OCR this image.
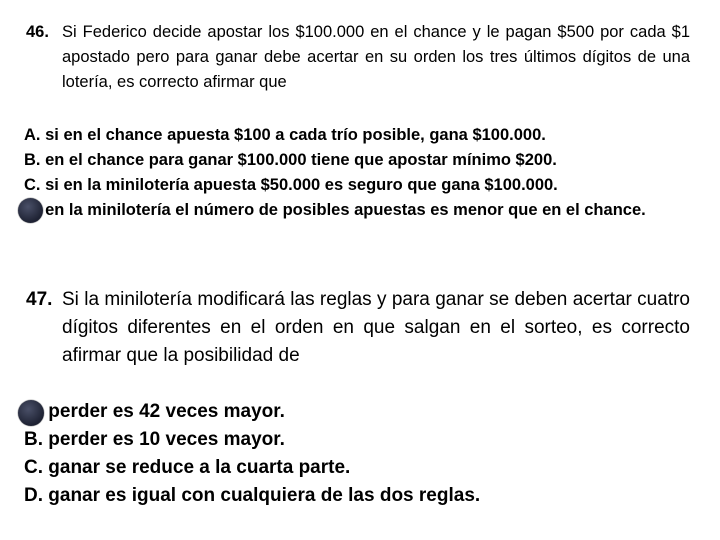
46. Si Federico decide apostar los $100.000 en el chance y le pagan $500 por cada $1 apostado pero para ganar debe acertar en su orden los tres últimos dígitos de una lotería, es correcto afirmar que
A. si en el chance apuesta $100 a cada trío posible, gana $100.000.
B. en el chance para ganar $100.000 tiene que apostar mínimo $200.
C. si en la minilotería apuesta $50.000 es seguro que gana $100.000.
en la minilotería el número de posibles apuestas es menor que en el chance.
47. Si la minilotería modificará las reglas y para ganar se deben acertar cuatro dígitos diferentes en el orden en que salgan en el sorteo, es correcto afirmar que la posibilidad de
perder es 42 veces mayor.
B. perder es 10 veces mayor.
C. ganar se reduce a la cuarta parte.
D. ganar es igual con cualquiera de las dos reglas.
